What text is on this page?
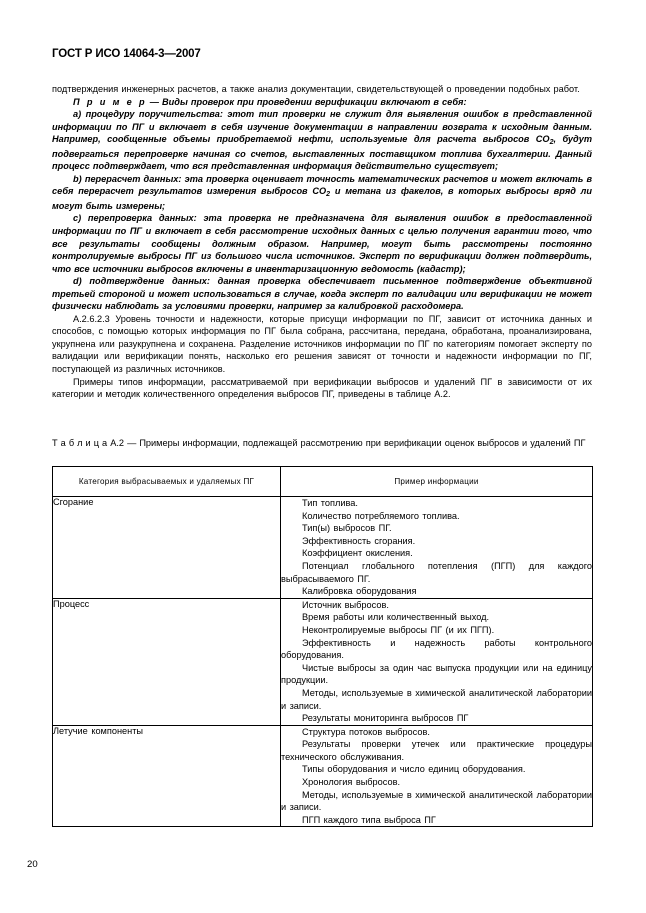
ГОСТ Р ИСО 14064-3—2007

подтверждения инженерных расчетов, а также анализ документации, свидетельствующей о проведении подобных работ.

П р и м е р — Виды проверок при проведении верификации включают в себя:

a) процедуру поручительства: этот тип проверки не служит для выявления ошибок в представленной информации по ПГ и включает в себя изучение документации в направлении возврата к исходным данным. Например, сообщенные объемы приобретаемой нефти, используемые для расчета выбросов $CO_2$, будут подвергаться перепроверке начиная со счетов, выставленных поставщиком топлива бухгалтерии. Данный процесс подтверждает, что вся представленная информация действительно существует;

b) перерасчет данных: эта проверка оценивает точность математических расчетов и может включать в себя перерасчет результатов измерения выбросов $CO_2$ и метана из факелов, в которых выбросы вряд ли могут быть измерены;

c) перепроверка данных: эта проверка не предназначена для выявления ошибок в предоставленной информации по ПГ и включает в себя рассмотрение исходных данных с целью получения гарантии того, что все результаты сообщены должным образом. Например, могут быть рассмотрены постоянно контролируемые выбросы ПГ из большого числа источников. Эксперт по верификации должен подтвердить, что все источники выбросов включены в инвентаризационную ведомость (кадастр);

d) подтверждение данных: данная проверка обеспечивает письменное подтверждение объективной третьей стороной и может использоваться в случае, когда эксперт по валидации или верификации не может физически наблюдать за условиями проверки, например за калибровкой расходомера.

A.2.6.2.3 Уровень точности и надежности, которые присущи информации по ПГ, зависит от источника данных и способов, с помощью которых информация по ПГ была собрана, рассчитана, передана, обработана, проанализирована, укрупнена или разукрупнена и сохранена. Разделение источников информации по ПГ по категориям помогает эксперту по валидации или верификации понять, насколько его решения зависят от точности и надежности информации по ПГ, поступающей из различных источников.

Примеры типов информации, рассматриваемой при верификации выбросов и удалений ПГ в зависимости от их категории и методик количественного определения выбросов ПГ, приведены в таблице А.2.

Т а б л и ц а А.2 — Примеры информации, подлежащей рассмотрению при верификации оценок выбросов и удалений ПГ
Категория выбрасываемых и удаляемых ПГ	Пример информации
Сгорание	Тип топлива.

Количество потребляемого топлива.

Тип(ы) выбросов ПГ.

Эффективность сгорания.

Коэффициент окисления.

Потенциал глобального потепления (ПГП) для каждого выбрасываемого ПГ.

Калибровка оборудования

Процесс	Источник выбросов.

Время работы или количественный выход.

Неконтролируемые выбросы ПГ (и их ПГП).

Эффективность и надежность работы контрольного оборудования.

Чистые выбросы за один час выпуска продукции или на единицу продукции.

Методы, используемые в химической аналитической лаборатории и записи.

Результаты мониторинга выбросов ПГ

Летучие компоненты	Структура потоков выбросов.

Результаты проверки утечек или практические процедуры технического обслуживания.

Типы оборудования и число единиц оборудования.

Хронология выбросов.

Методы, используемые в химической аналитической лаборатории и записи.

ПГП каждого типа выброса ПГ

20
